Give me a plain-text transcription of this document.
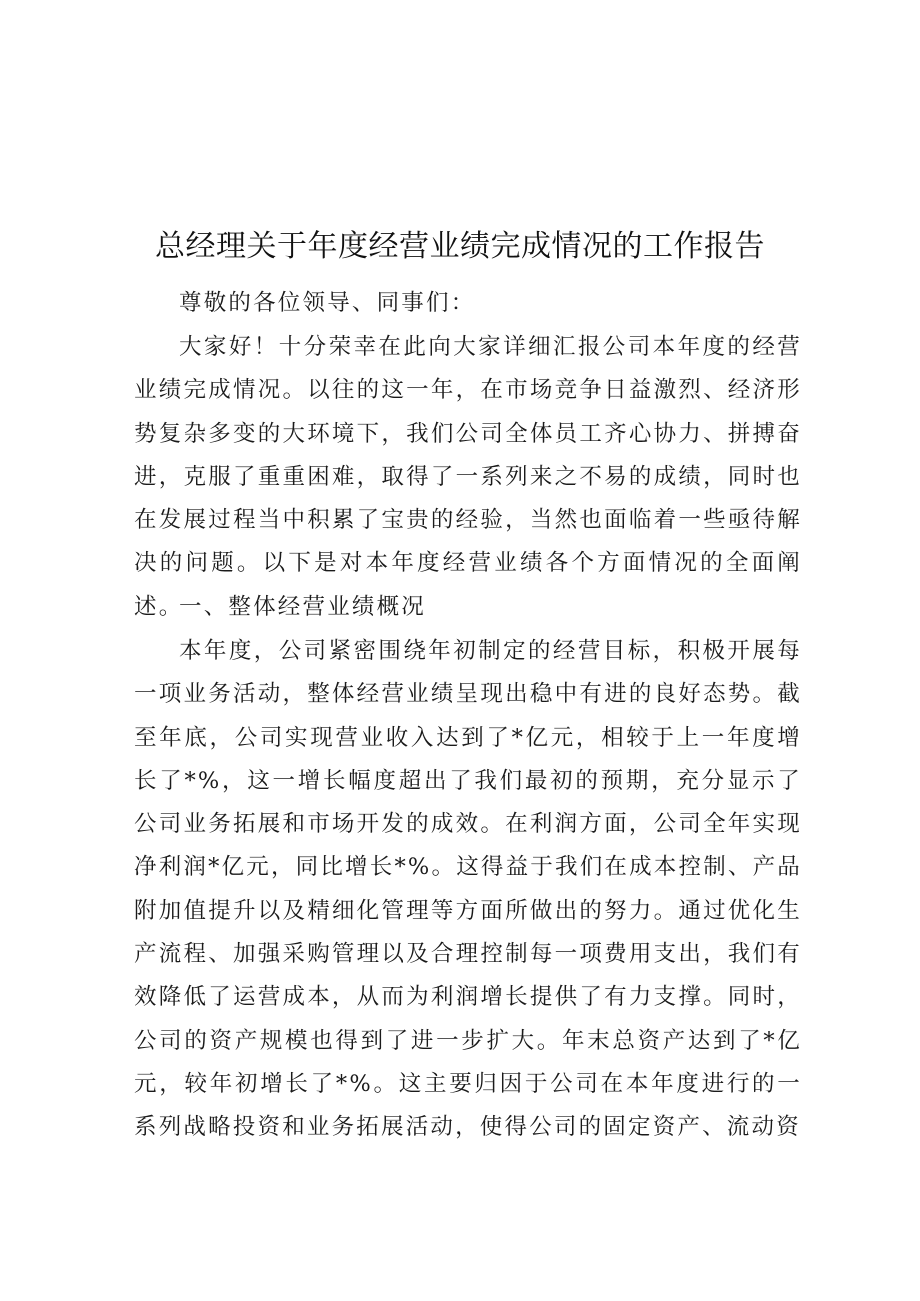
总经理关于年度经营业绩完成情况的工作报告

尊敬的各位领导、同事们：

大家好！十分荣幸在此向大家详细汇报公司本年度的经营业绩完成情况。以往的这一年，在市场竞争日益激烈、经济形势复杂多变的大环境下，我们公司全体员工齐心协力、拼搏奋进，克服了重重困难，取得了一系列来之不易的成绩，同时也在发展过程当中积累了宝贵的经验，当然也面临着一些亟待解决的问题。以下是对本年度经营业绩各个方面情况的全面阐述。

一、整体经营业绩概况

本年度，公司紧密围绕年初制定的经营目标，积极开展每一项业务活动，整体经营业绩呈现出稳中有进的良好态势。截至年底，公司实现营业收入达到了*亿元，相较于上一年度增长了*%，这一增长幅度超出了我们最初的预期，充分显示了公司业务拓展和市场开发的成效。在利润方面，公司全年实现净利润*亿元，同比增长*%。这得益于我们在成本控制、产品附加值提升以及精细化管理等方面所做出的努力。通过优化生产流程、加强采购管理以及合理控制每一项费用支出，我们有效降低了运营成本，从而为利润增长提供了有力支撑。同时，公司的资产规模也得到了进一步扩大。年末总资产达到了*亿元，较年初增长了*%。这主要归因于公司在本年度进行的一系列战略投资和业务拓展活动，使得公司的固定资产、流动资
